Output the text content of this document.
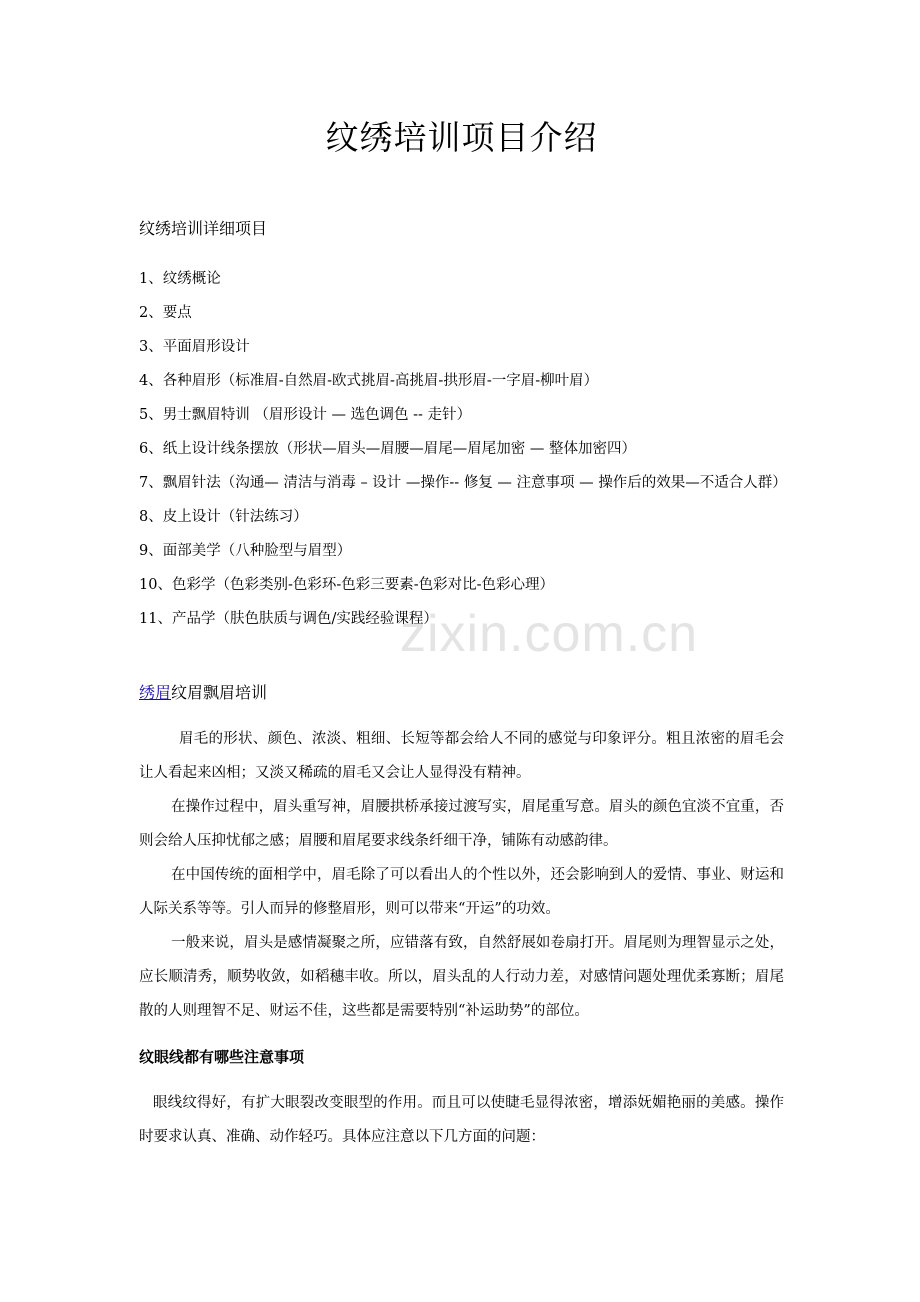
zixin.com.cn
纹绣培训项目介绍
纹绣培训详细项目
1、纹绣概论
2、要点
3、平面眉形设计
4、各种眉形（标准眉-自然眉-欧式挑眉-高挑眉-拱形眉-一字眉-柳叶眉）
5、男士飘眉特训 （眉形设计 — 选色调色 -- 走针）
6、纸上设计线条摆放（形状—眉头—眉腰—眉尾—眉尾加密 — 整体加密四）
7、飘眉针法（沟通— 清洁与消毒 – 设计 —操作-- 修复 — 注意事项 — 操作后的效果—不适合人群）
8、皮上设计（针法练习）
9、面部美学（八种脸型与眉型）
10、色彩学（色彩类别-色彩环-色彩三要素-色彩对比-色彩心理）
11、产品学（肤色肤质与调色/实践经验课程）
绣眉纹眉飘眉培训

眉毛的形状、颜色、浓淡、粗细、长短等都会给人不同的感觉与印象评分。粗且浓密的眉毛会让人看起来凶相；又淡又稀疏的眉毛又会让人显得没有精神。

在操作过程中，眉头重写神，眉腰拱桥承接过渡写实，眉尾重写意。眉头的颜色宜淡不宜重，否则会给人压抑忧郁之感；眉腰和眉尾要求线条纤细干净，铺陈有动感韵律。

在中国传统的面相学中，眉毛除了可以看出人的个性以外，还会影响到人的爱情、事业、财运和人际关系等等。引人而异的修整眉形，则可以带来“开运”的功效。

一般来说，眉头是感情凝聚之所，应错落有致，自然舒展如卷扇打开。眉尾则为理智显示之处，应长顺清秀，顺势收敛，如稻穗丰收。所以，眉头乱的人行动力差，对感情问题处理优柔寡断；眉尾散的人则理智不足、财运不佳，这些都是需要特别“补运助势”的部位。

纹眼线都有哪些注意事项

眼线纹得好，有扩大眼裂改变眼型的作用。而且可以使睫毛显得浓密，增添妩媚艳丽的美感。操作时要求认真、准确、动作轻巧。具体应注意以下几方面的问题：
